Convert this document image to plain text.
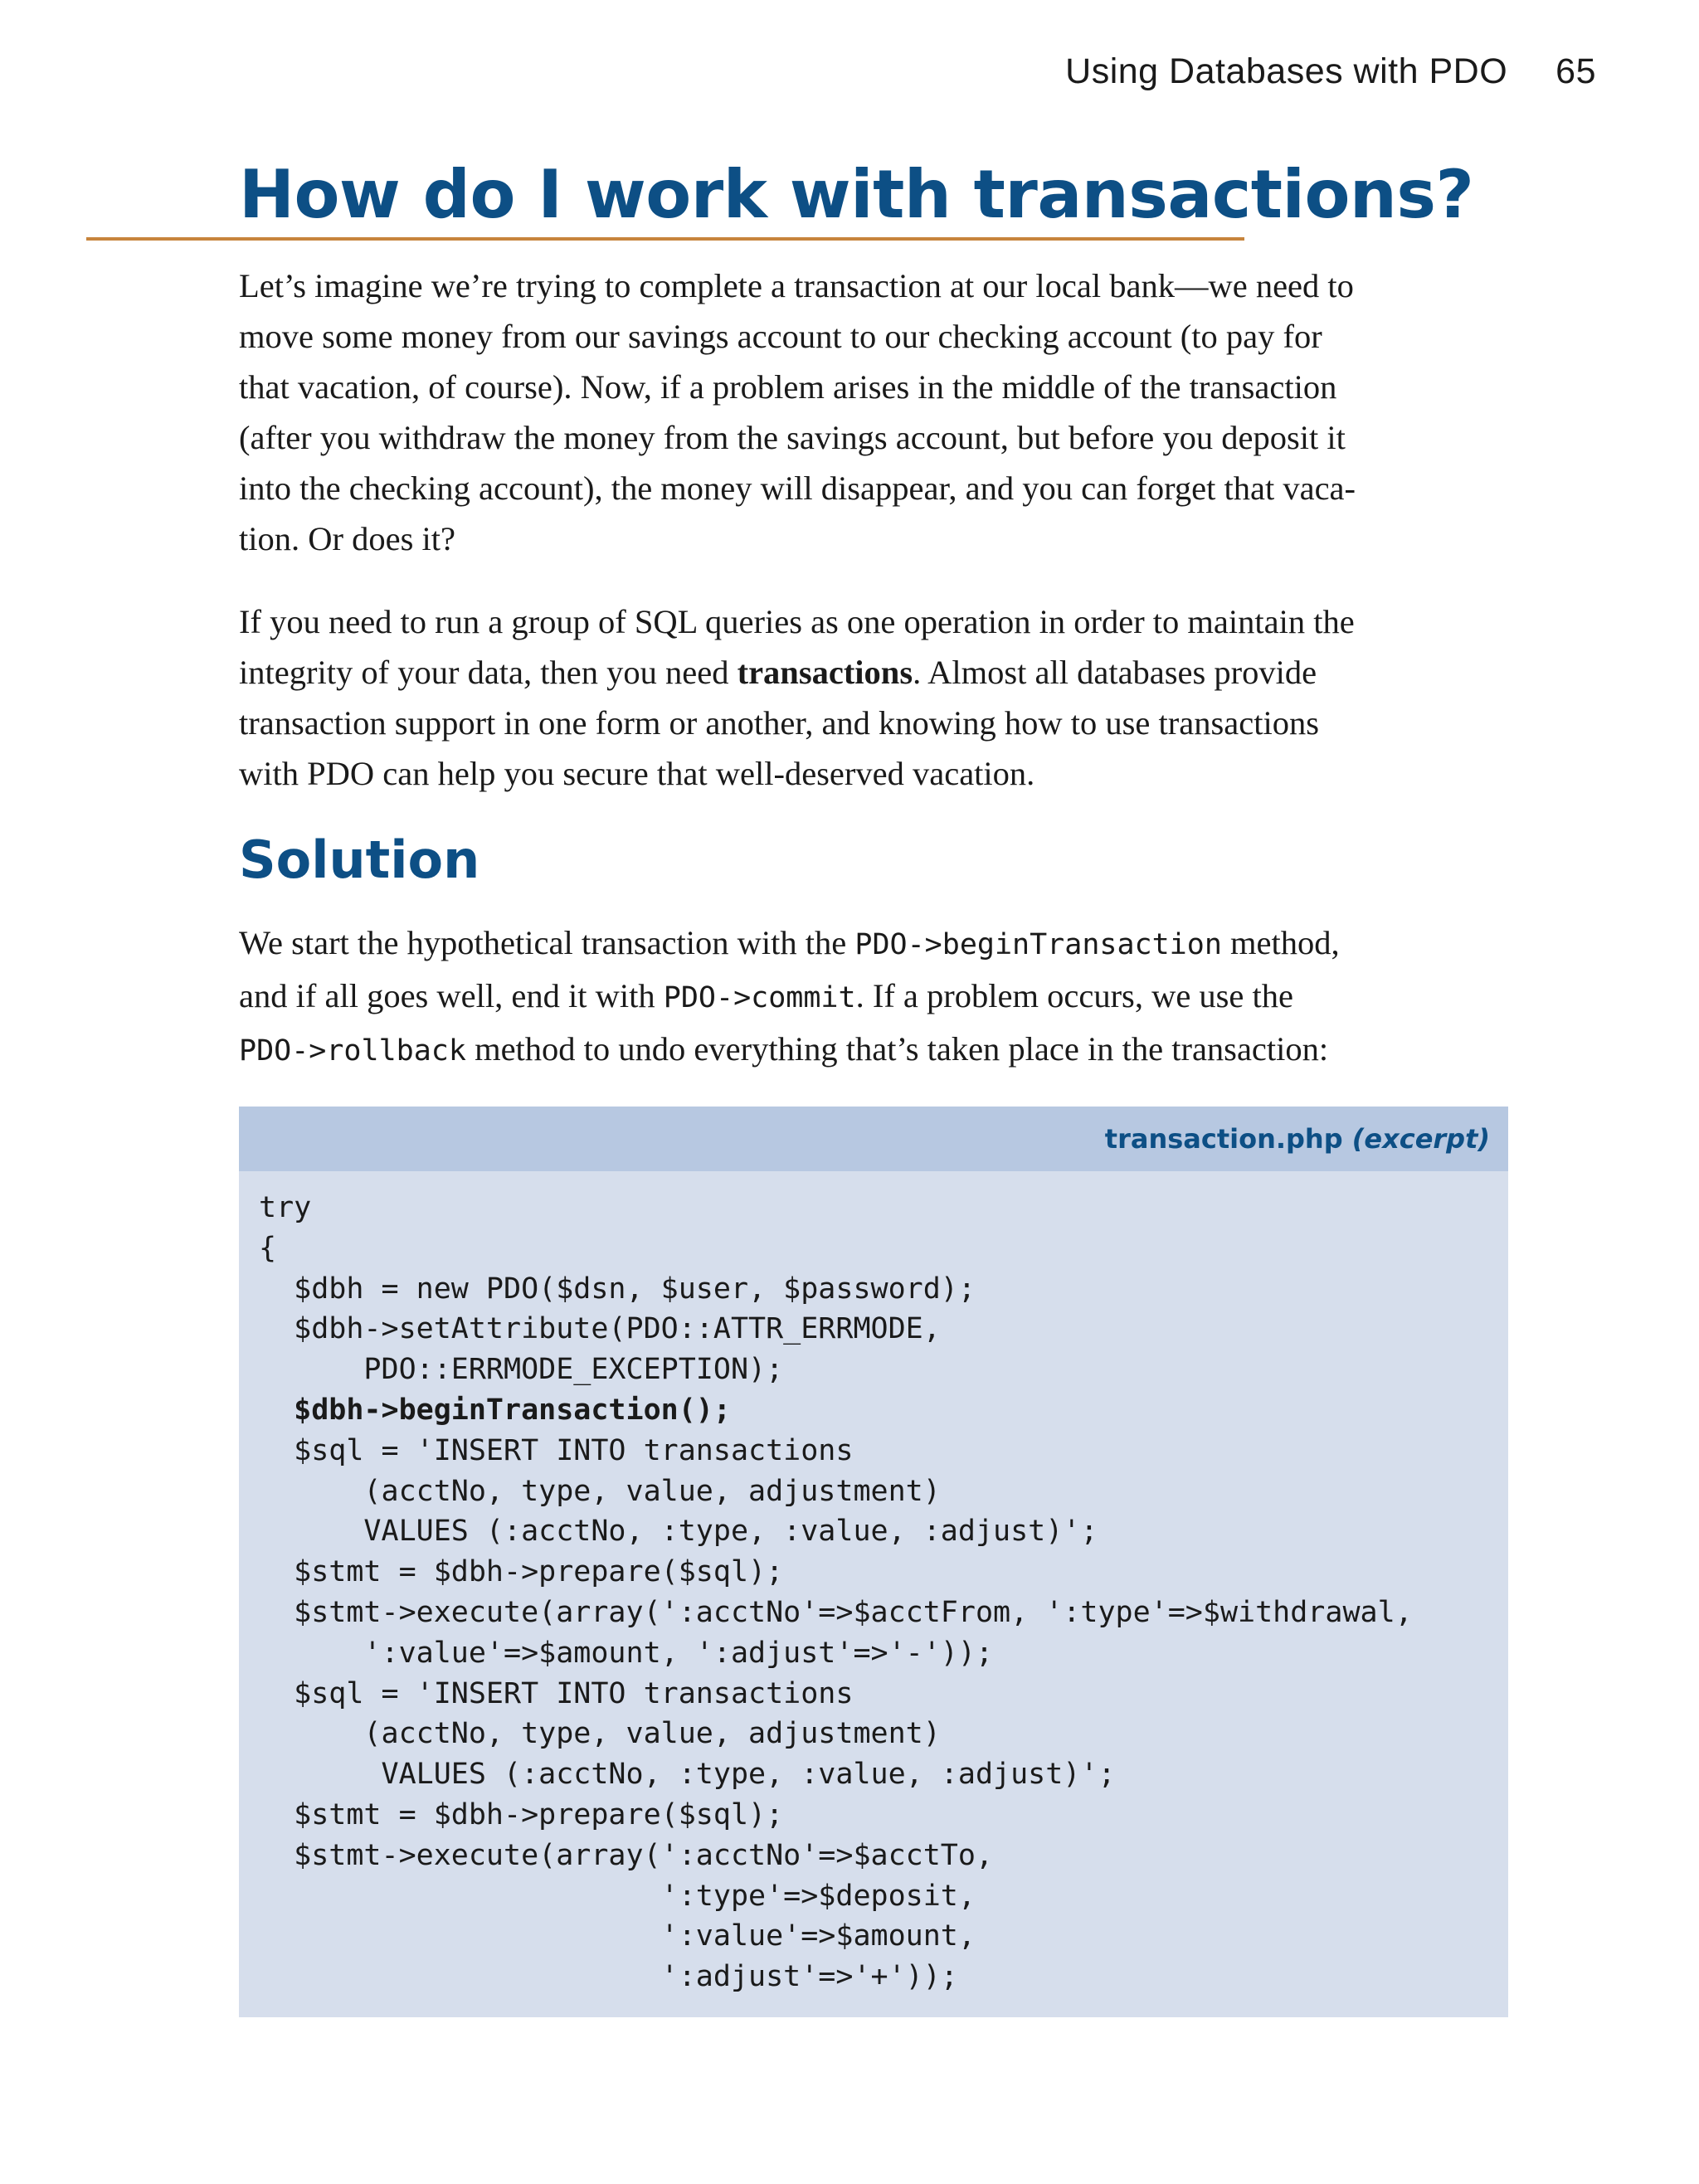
Using Databases with PDO 65
How do I work with transactions?

Let’s imagine we’re trying to complete a transaction at our local bank—we need to
move some money from our savings account to our checking account (to pay for
that vacation, of course). Now, if a problem arises in the middle of the transaction
(after you withdraw the money from the savings account, but before you deposit it
into the checking account), the money will disappear, and you can forget that vaca-
tion. Or does it?

If you need to run a group of SQL queries as one operation in order to maintain the
integrity of your data, then you need transactions. Almost all databases provide
transaction support in one form or another, and knowing how to use transactions
with PDO can help you secure that well-deserved vacation.

Solution

We start the hypothetical transaction with the PDO->beginTransaction method,
and if all goes well, end it with PDO->commit. If a problem occurs, we use the
PDO->rollback method to undo everything that’s taken place in the transaction:

transaction.php (excerpt)
try
{
$dbh = new PDO($dsn, $user, $password);
$dbh->setAttribute(PDO::ATTR_ERRMODE,
PDO::ERRMODE_EXCEPTION);
$dbh->beginTransaction();
$sql = 'INSERT INTO transactions
(acctNo, type, value, adjustment)
VALUES (:acctNo, :type, :value, :adjust)';
$stmt = $dbh->prepare($sql);
$stmt->execute(array(':acctNo'=>$acctFrom, ':type'=>$withdrawal,
':value'=>$amount, ':adjust'=>'-'));
$sql = 'INSERT INTO transactions
(acctNo, type, value, adjustment)
VALUES (:acctNo, :type, :value, :adjust)';
$stmt = $dbh->prepare($sql);
$stmt->execute(array(':acctNo'=>$acctTo,
':type'=>$deposit,
':value'=>$amount,
':adjust'=>'+'));
